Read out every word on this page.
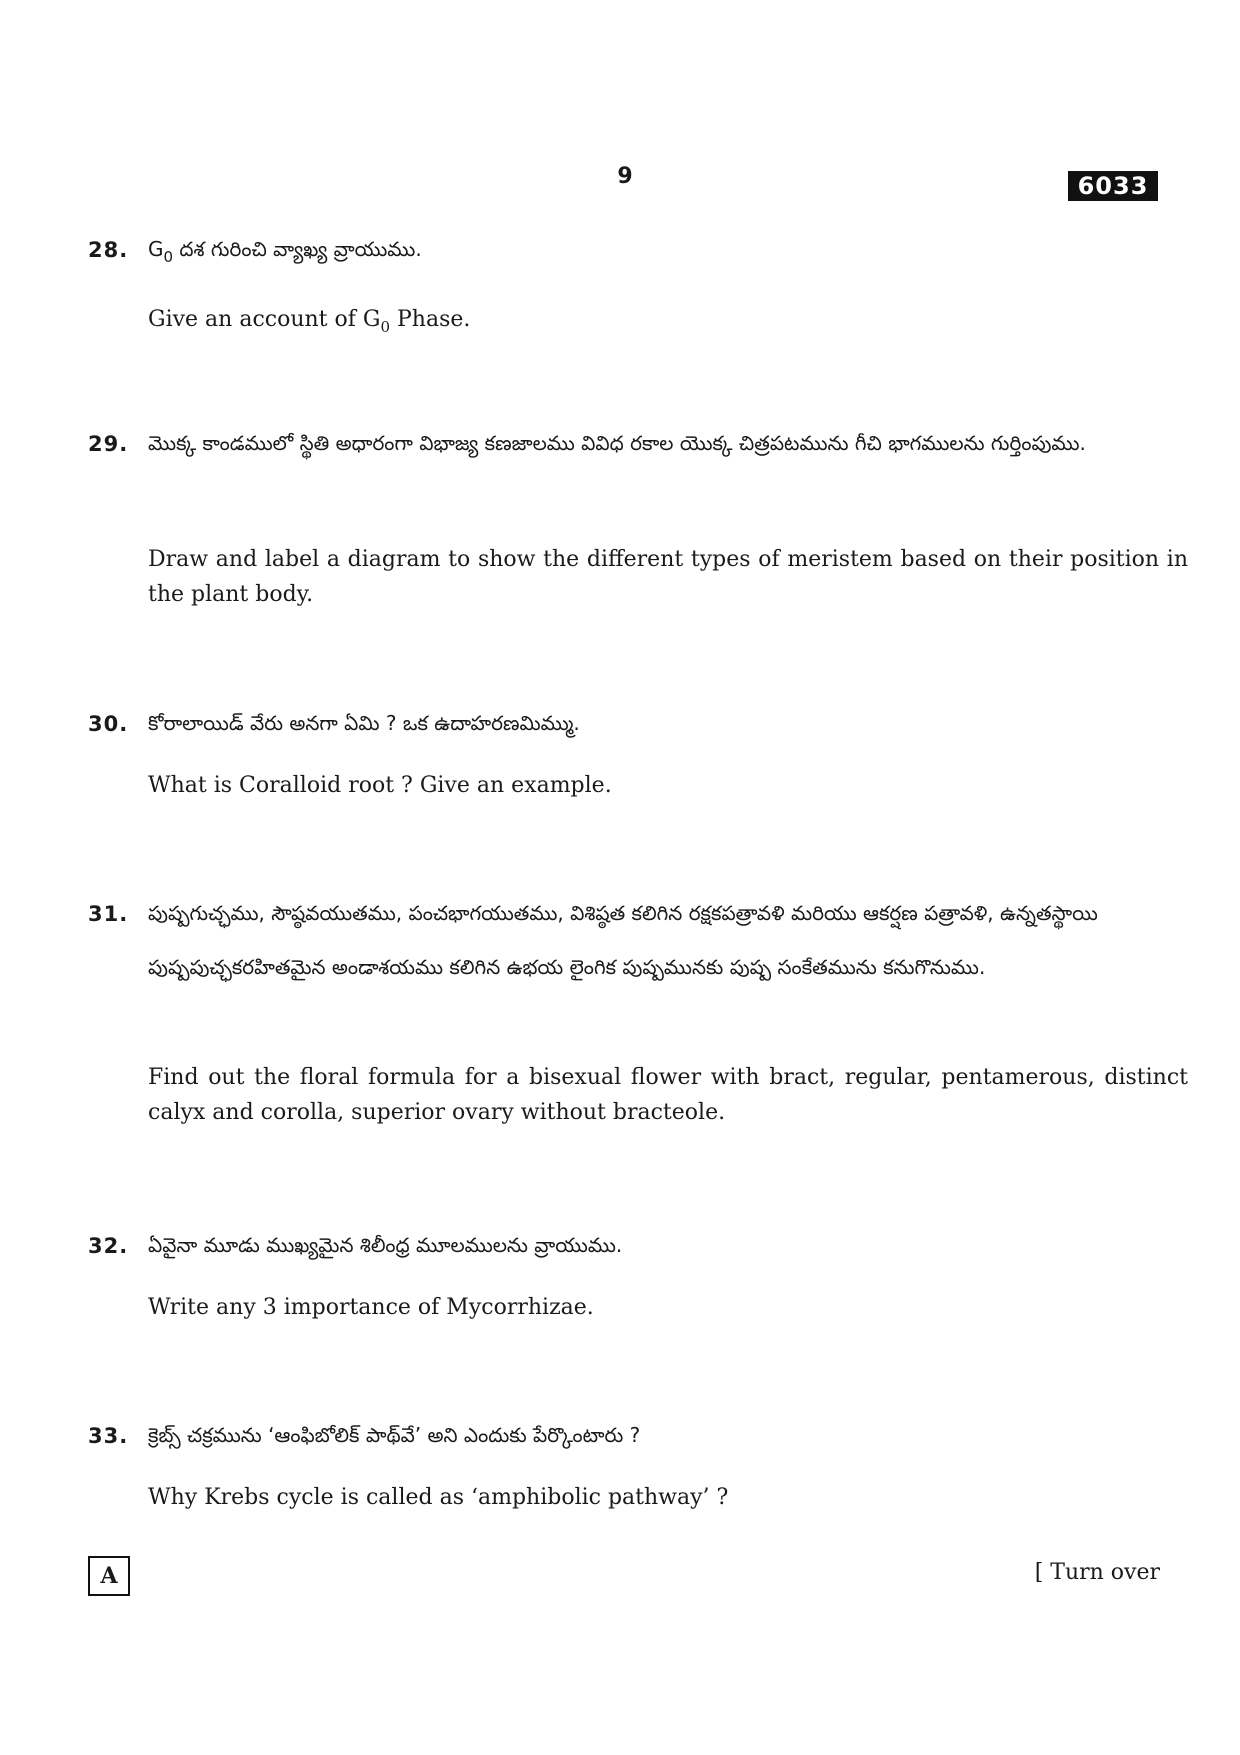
9	6033
28. $G_0$ దశ గురించి వ్యాఖ్య వ్రాయుము.
Give an account of $G_0$ Phase.
29. మొక్క కాండములో స్థితి అధారంగా విభాజ్య కణజాలము వివిధ రకాల యొక్క చిత్రపటమును గీచి భాగములను గుర్తింపుము.
Draw and label a diagram to show the different types of meristem based on their position in the plant body.
30. కోరాలాయిడ్ వేరు అనగా ఏమి ? ఒక ఉదాహరణమిమ్ము.
What is Coralloid root ? Give an example.
31. పుష్పగుచ్ఛము, సౌష్ఠవయుతము, పంచభాగయుతము, విశిష్ఠత కలిగిన రక్షకపత్రావళి మరియు ఆకర్షణ పత్రావళి, ఉన్నతస్థాయి పుష్పపుచ్ఛకరహితమైన అండాశయము కలిగిన ఉభయ లైంగిక పుష్పమునకు పుష్ప సంకేతమును కనుగొనుము.
Find out the floral formula for a bisexual flower with bract, regular, pentamerous, distinct calyx and corolla, superior ovary without bracteole.
32. ఏవైనా మూడు ముఖ్యమైన శిలీంధ్ర మూలములను వ్రాయుము.
Write any 3 importance of Mycorrhizae.
33. క్రెబ్స్ చక్రమును ‘ఆంఫిబోలిక్ పాథ్‌వే’ అని ఎందుకు పేర్కొంటారు ?
Why Krebs cycle is called as ‘amphibolic pathway’ ?
A	[ Turn over
